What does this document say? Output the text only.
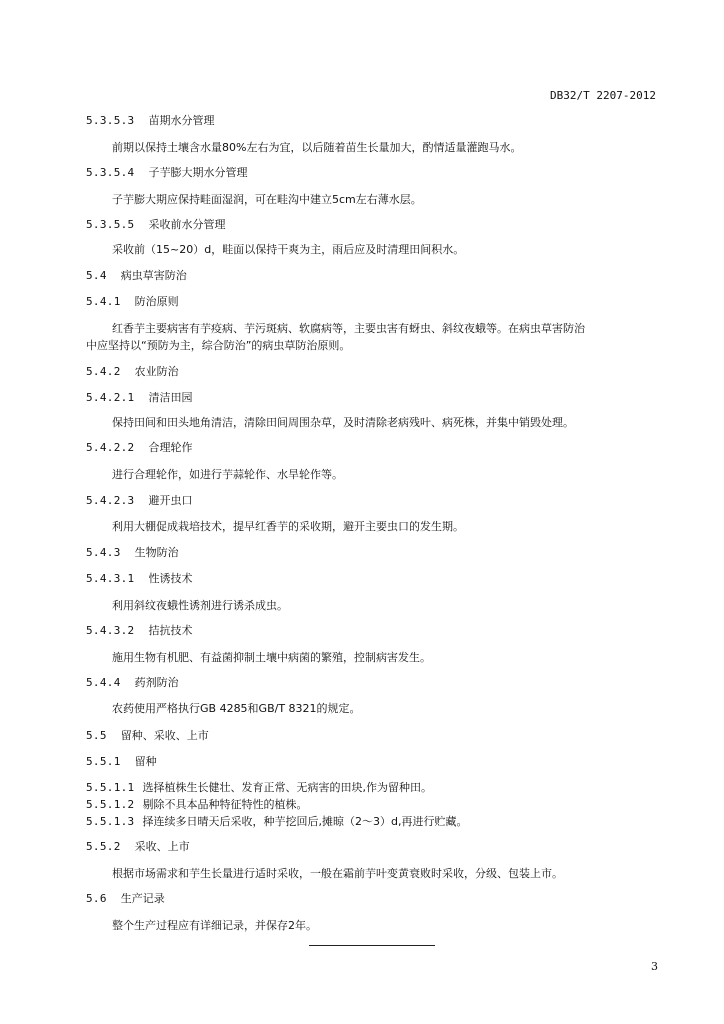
DB32/T 2207-2012
5.3.5.3 苗期水分管理
前期以保持土壤含水量80%左右为宜，以后随着苗生长量加大，酌情适量灌跑马水。
5.3.5.4 子芋膨大期水分管理
子芋膨大期应保持畦面湿润，可在畦沟中建立5cm左右薄水层。
5.3.5.5 采收前水分管理
采收前（15~20）d，畦面以保持干爽为主，雨后应及时清理田间积水。
5.4 病虫草害防治
5.4.1 防治原则
红香芋主要病害有芋疫病、芋污斑病、软腐病等，主要虫害有蚜虫、斜纹夜蛾等。在病虫草害防治
中应坚持以“预防为主，综合防治”的病虫草防治原则。
5.4.2 农业防治
5.4.2.1 清洁田园
保持田间和田头地角清洁，清除田间周围杂草，及时清除老病残叶、病死株，并集中销毁处理。
5.4.2.2 合理轮作
进行合理轮作，如进行芋蒜轮作、水旱轮作等。
5.4.2.3 避开虫口
利用大棚促成栽培技术，提早红香芋的采收期，避开主要虫口的发生期。
5.4.3 生物防治
5.4.3.1 性诱技术
利用斜纹夜蛾性诱剂进行诱杀成虫。
5.4.3.2 拮抗技术
施用生物有机肥、有益菌抑制土壤中病菌的繁殖，控制病害发生。
5.4.4 药剂防治
农药使用严格执行GB 4285和GB/T 8321的规定。
5.5 留种、采收、上市
5.5.1 留种
5.5.1.1 选择植株生长健壮、发育正常、无病害的田块,作为留种田。
5.5.1.2 剔除不具本品种特征特性的植株。
5.5.1.3 择连续多日晴天后采收，种芋挖回后,摊晾（2～3）d,再进行贮藏。
5.5.2 采收、上市
根据市场需求和芋生长量进行适时采收，一般在霜前芋叶变黄衰败时采收，分级、包装上市。
5.6 生产记录
整个生产过程应有详细记录，并保存2年。
3
